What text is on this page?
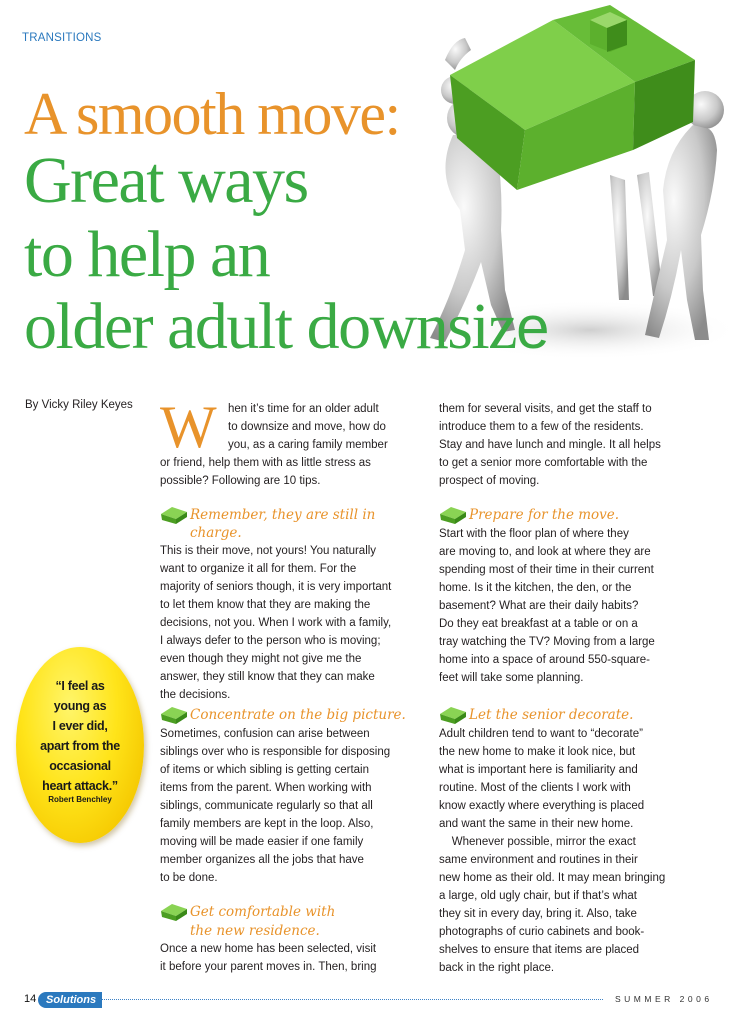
TRANSITIONS
A smooth move:
Great ways
to help an
older adult downsize
By Vicky Riley Keyes W hen it’s time for an older adult
to downsize and move, how do
you, as a caring family member
or friend, help them with as little stress as
possible? Following are 10 tips.
Remember, they are still in charge.
This is their move, not yours! You naturally
want to organize it all for them. For the
majority of seniors though, it is very important
to let them know that they are making the
decisions, not you. When I work with a family,
I always defer to the person who is moving;
even though they might not give me the
answer, they still know that they can make
the decisions.
Concentrate on the big picture.
Sometimes, confusion can arise between
siblings over who is responsible for disposing
of items or which sibling is getting certain
items from the parent. When working with
siblings, communicate regularly so that all
family members are kept in the loop. Also,
moving will be made easier if one family
member organizes all the jobs that have
to be done.
Get comfortable with
the new residence.
Once a new home has been selected, visit
it before your parent moves in. Then, bring
them for several visits, and get the staff to
introduce them to a few of the residents.
Stay and have lunch and mingle. It all helps
to get a senior more comfortable with the
prospect of moving.
Prepare for the move.
Start with the floor plan of where they
are moving to, and look at where they are
spending most of their time in their current
home. Is it the kitchen, the den, or the
basement? What are their daily habits?
Do they eat breakfast at a table or on a
tray watching the TV? Moving from a large
home into a space of around 550-square-
feet will take some planning.
Let the senior decorate.
Adult children tend to want to “decorate”
the new home to make it look nice, but
what is important here is familiarity and
routine. Most of the clients I work with
know exactly where everything is placed
and want the same in their new home.
Whenever possible, mirror the exact
same environment and routines in their
new home as their old. It may mean bringing
a large, old ugly chair, but if that’s what
they sit in every day, bring it. Also, take
photographs of curio cabinets and book-
shelves to ensure that items are placed
back in the right place.
“I feel as
young as
I ever did,
apart from the
occasional
heart attack.”
Robert Benchley
14 Solutions	SUMMER 2006
